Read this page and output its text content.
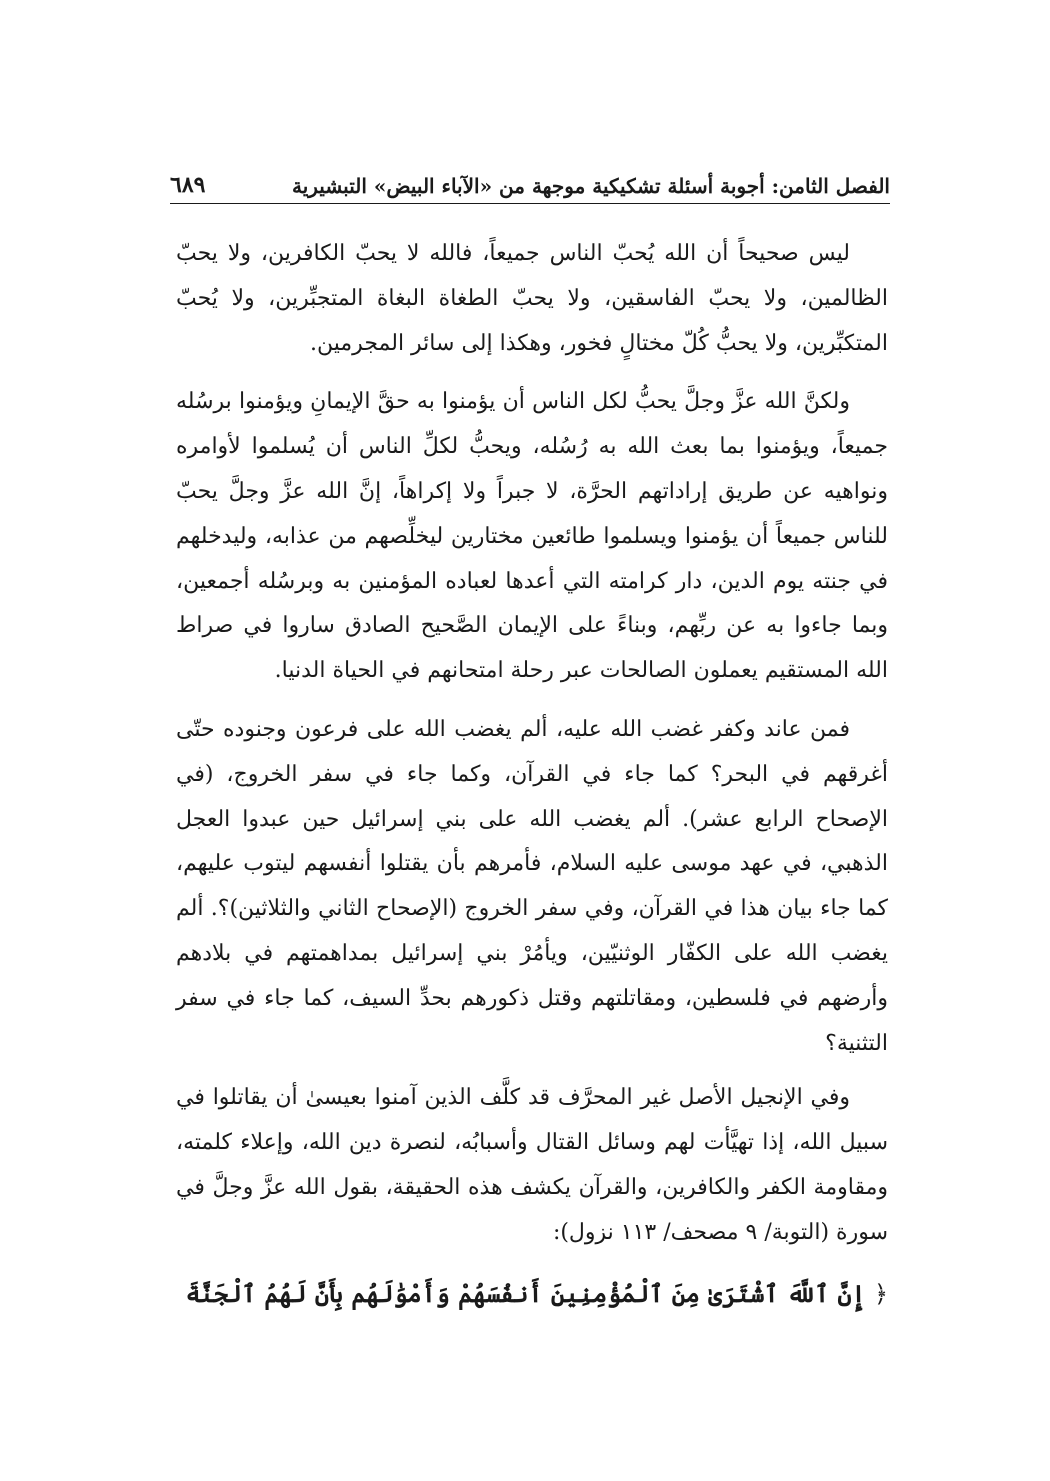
الفصل الثامن: أجوبة أسئلة تشكيكية موجهة من «الآباء البيض» التبشيرية
٦٨٩

ليس صحيحاً أن الله يُحبّ الناس جميعاً، فالله لا يحبّ الكافرين، ولا يحبّ الظالمين، ولا يحبّ الفاسقين، ولا يحبّ الطغاة البغاة المتجبِّرين، ولا يُحبّ المتكبِّرين، ولا يحبُّ كُلّ مختالٍ فخور، وهكذا إلى سائر المجرمين.

ولكنَّ الله عزَّ وجلَّ يحبُّ لكل الناس أن يؤمنوا به حقَّ الإيمانِ ويؤمنوا برسُله جميعاً، ويؤمنوا بما بعث الله به رُسُله، ويحبُّ لكلِّ الناس أن يُسلموا لأوامره ونواهيه عن طريق إراداتهم الحرَّة، لا جبراً ولا إكراهاً، إنَّ الله عزَّ وجلَّ يحبّ للناس جميعاً أن يؤمنوا ويسلموا طائعين مختارين ليخلِّصهم من عذابه، وليدخلهم في جنته يوم الدين، دار كرامته التي أعدها لعباده المؤمنين به وبرسُله أجمعين، وبما جاءوا به عن ربِّهم، وبناءً على الإيمان الصَّحيح الصادق ساروا في صراط الله المستقيم يعملون الصالحات عبر رحلة امتحانهم في الحياة الدنيا.

فمن عاند وكفر غضب الله عليه، ألم يغضب الله على فرعون وجنوده حتّى أغرقهم في البحر؟ كما جاء في القرآن، وكما جاء في سفر الخروج، (في الإصحاح الرابع عشر). ألم يغضب الله على بني إسرائيل حين عبدوا العجل الذهبي، في عهد موسى عليه السلام، فأمرهم بأن يقتلوا أنفسهم ليتوب عليهم، كما جاء بيان هذا في القرآن، وفي سفر الخروج (الإصحاح الثاني والثلاثين)؟. ألم يغضب الله على الكفّار الوثنيّين، ويأمُرْ بني إسرائيل بمداهمتهم في بلادهم وأرضهم في فلسطين، ومقاتلتهم وقتل ذكورهم بحدِّ السيف، كما جاء في سفر التثنية؟

وفي الإنجيل الأصل غير المحرَّف قد كلَّف الذين آمنوا بعيسىٰ أن يقاتلوا في سبيل الله، إذا تهيَّأت لهم وسائل القتال وأسبابُه، لنصرة دين الله، وإعلاء كلمته، ومقاومة الكفر والكافرين، والقرآن يكشف هذه الحقيقة، بقول الله عزَّ وجلَّ في سورة (التوبة/ ٩ مصحف/ ١١٣ نزول):

﴿ إِنَّ ٱللَّهَ ٱشْتَرَىٰ مِنَ ٱلْمُؤْمِنِينَ أَنفُسَهُمْ وَأَمْوَٰلَهُم بِأَنَّ لَهُمُ ٱلْجَنَّةَ
